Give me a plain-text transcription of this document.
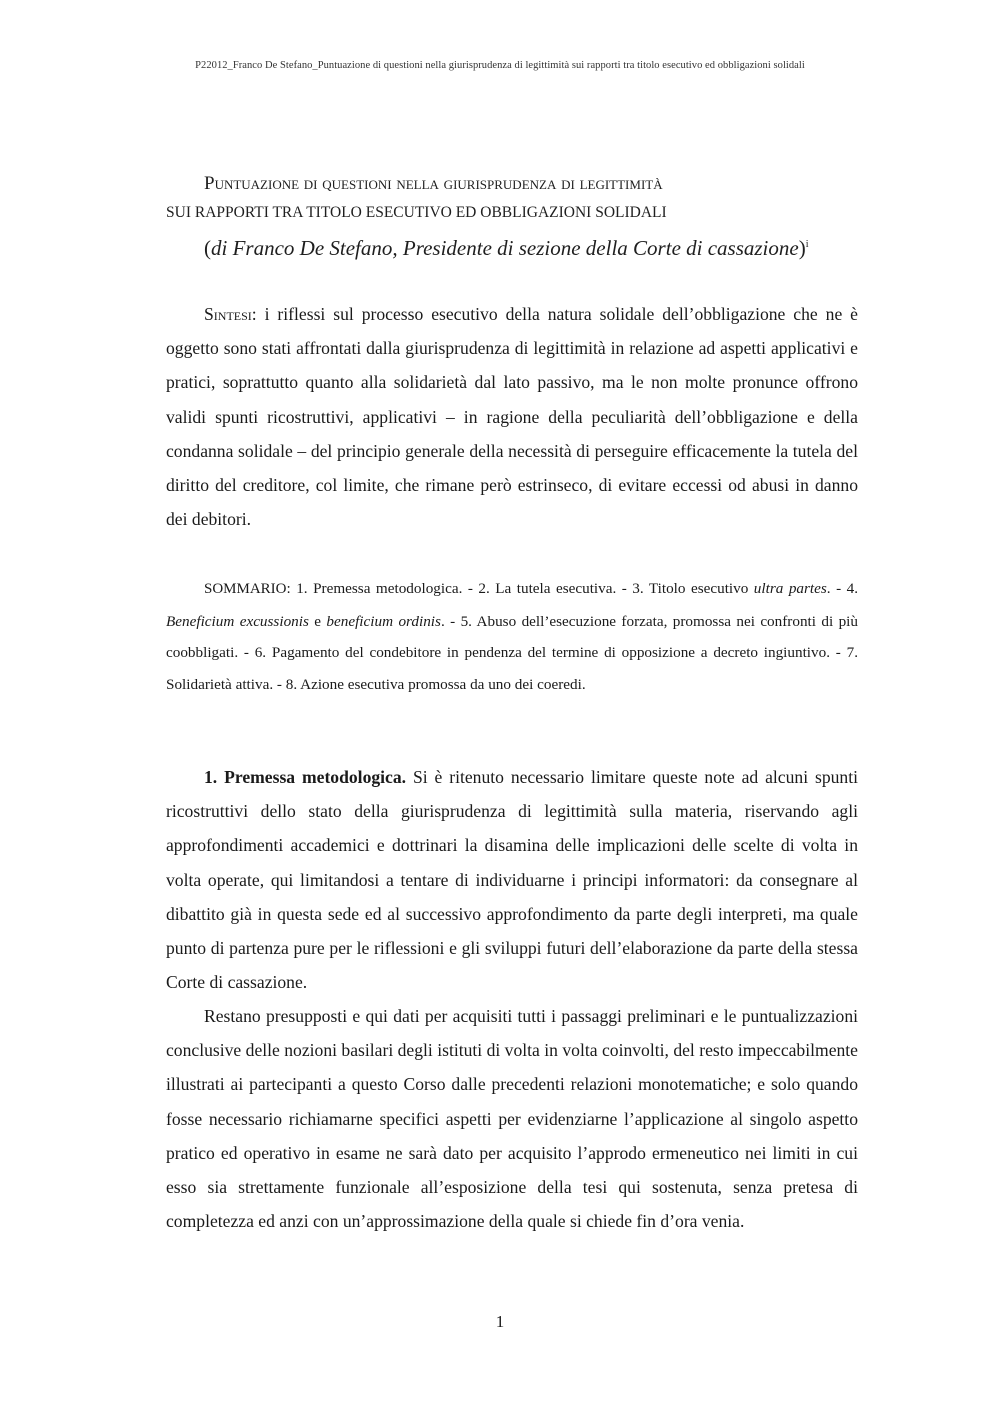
P22012_Franco De Stefano_Puntuazione di questioni nella giurisprudenza di legittimità sui rapporti tra titolo esecutivo ed obbligazioni solidali
Puntuazione di questioni nella giurisprudenza di legittimità
SUI RAPPORTI TRA TITOLO ESECUTIVO ED OBBLIGAZIONI SOLIDALI
(di Franco De Stefano, Presidente di sezione della Corte di cassazione)$^i$

Sintesi: i riflessi sul processo esecutivo della natura solidale dell’obbligazione che ne è oggetto sono stati affrontati dalla giurisprudenza di legittimità in relazione ad aspetti applicativi e pratici, soprattutto quanto alla solidarietà dal lato passivo, ma le non molte pronunce offrono validi spunti ricostruttivi, applicativi – in ragione della peculiarità dell’obbligazione e della condanna solidale – del principio generale della necessità di perseguire efficacemente la tutela del diritto del creditore, col limite, che rimane però estrinseco, di evitare eccessi od abusi in danno dei debitori.

SOMMARIO: 1. Premessa metodologica. - 2. La tutela esecutiva. - 3. Titolo esecutivo ultra partes. - 4. Beneficium excussionis e beneficium ordinis. - 5. Abuso dell’esecuzione forzata, promossa nei confronti di più coobbligati. - 6. Pagamento del condebitore in pendenza del termine di opposizione a decreto ingiuntivo. - 7. Solidarietà attiva. - 8. Azione esecutiva promossa da uno dei coeredi.

1. Premessa metodologica. Si è ritenuto necessario limitare queste note ad alcuni spunti ricostruttivi dello stato della giurisprudenza di legittimità sulla materia, riservando agli approfondimenti accademici e dottrinari la disamina delle implicazioni delle scelte di volta in volta operate, qui limitandosi a tentare di individuarne i principi informatori: da consegnare al dibattito già in questa sede ed al successivo approfondimento da parte degli interpreti, ma quale punto di partenza pure per le riflessioni e gli sviluppi futuri dell’elaborazione da parte della stessa Corte di cassazione.

Restano presupposti e qui dati per acquisiti tutti i passaggi preliminari e le puntualizzazioni conclusive delle nozioni basilari degli istituti di volta in volta coinvolti, del resto impeccabilmente illustrati ai partecipanti a questo Corso dalle precedenti relazioni monotematiche; e solo quando fosse necessario richiamarne specifici aspetti per evidenziarne l’applicazione al singolo aspetto pratico ed operativo in esame ne sarà dato per acquisito l’approdo ermeneutico nei limiti in cui esso sia strettamente funzionale all’esposizione della tesi qui sostenuta, senza pretesa di completezza ed anzi con un’approssimazione della quale si chiede fin d’ora venia.

1
